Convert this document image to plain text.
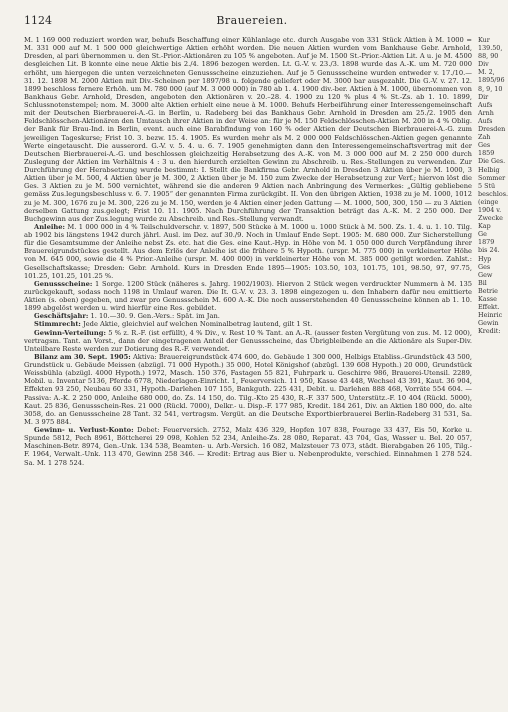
1124	Brauereien.

M. 1 169 000 reduziert worden war, behufs Beschaffung einer Kühlanlage etc. durch Ausgabe von 331 Stück Aktien à M. 1000 = M. 331 000 auf M. 1 500 000 gleichwertige Aktien erhöht worden. Die neuen Aktien wurden vom Bankhause Gebr. Arnhold, Dresden, al pari übernommen u. den St.-Prior.-Aktionären zu 105 % angeboten. Auf je M. 1500 St.-Prior.-Aktien Lit. A u. je M. 4500 desgleichen Lit. B konnte eine neue Aktie bis 2./4. 1896 bezogen werden. Lt. G.-V. v. 23./3. 1898 wurde das A.-K. um M. 720 000 erhöht, um hiergegen die unten verzeichneten Genussscheine einzuziehen. Auf je 5 Genussscheine wurden entweder v. 17./10.—31. 12. 1898 M. 2000 Aktien mit Div.-Scheinen per 1897/98 u. folgende geliefert oder M. 3000 bar ausgezahlt. Die G.-V. v. 27. 12. 1899 beschloss fernere Erhöh. um M. 780 000 (auf M. 3 000 000) in 780 ab 1. 4. 1900 div.-ber. Aktien à M. 1000, übernommen von Bankhaus Gebr. Arnhold, Dresden, angeboten den Aktionären v. 20.–28. 4. 1900 zu 120 % plus 4 % St.-Zs. ab 1. 10. 1899, Schlussnotenstempel; nom. M. 3000 alte Aktien erhielt eine neue à M. 1000. Behufs Herbeiführung einer Interessengemeinschaft mit der Deutschen Bierbrauerei-A.-G. in Berlin, u. Radeberg bei das Bankhaus Gebr. Arnhold in Dresden am 25./2. 1905 den Feldschlösschen-Aktionären den Umtausch ihrer Aktien in der Weise an: für je M. 150 Feldschlösschen-Aktien M. 200 in 4 % Oblig. der Bank für Brau-Ind. in Berlin, event. auch eine Barabfindung von 160 % oder Aktien der Deutschen Bierbrauerei-A.-G. zum jeweiligen Tageskurse; Frist 10. 3. bezw. 15. 4. 1905. Es wurden mehr als M. 2 000 000 Feldschlösschen-Aktien gegen genannte Werte eingetauscht. Die ausserord. G.-V. v. 5. 4. u. 6. 7. 1905 genehmigten dann den Interessengemeinschaftsvertrag mit der Deutschen Bierbrauerei-A.-G. und beschlossen gleichzeitig Herabsetzung des A.-K. von M. 3 000 000 auf M. 2 250 000 durch Zuslegung der Aktien im Verhältnis 4 : 3 u. den hierdurch erzielten Gewinn zu Abschreib. u. Res.-Stellungen zu verwenden. Zur Durchführung der Herabsetzung wurde bestimmt: I. Stellt die Bankfirma Gebr. Arnhold in Dresden 3 Aktien über je M. 1000, 3 Aktien über je M. 500, 4 Aktien über je M. 300, 2 Aktien über je M. 150 zum Zwecke der Herabsetzung zur Verf.; hiervon löst die Ges. 3 Aktien zu je M. 500 vernichtet, während sie die anderen 9 Aktien nach Anbringung des Vermerkes: „Gültig gebliebene gemäss Zus.legungsbeschluss v. 6. 7. 1905“ der genannten Firma zurückgibt. II. Von den übrigen Aktien, 1938 zu je M. 1000, 1012 zu je M. 300, 1676 zu je M. 300, 226 zu je M. 150, werden je 4 Aktien einer jeden Gattung — M. 1000, 500, 300, 150 — zu 3 Aktien derselben Gattung zus.gelegt; Frist 10. 11. 1905. Nach Durchführung der Transaktion beträgt das A.-K. M. 2 250 000. Der Buchgewinn aus der Zus.legung wurde zu Abschreib. und Res.-Stellung verwandt.

Anleihe: M. 1 000 000 in 4 % Teilschuldverschr. v. 1897, 500 Stücke à M. 1000 u. 1000 Stück à M. 500. Zs. 1. 4. u. 1. 10. Tilg. ab 1902 bis längstens 1942 durch jährl. Ausl. im Dez. auf 30./9. Noch in Umlauf Ende Sept. 1905: M. 680 000. Zur Sicherstellung für die Gesamtsumme der Anleihe nebst Zs. etc. hat die Ges. eine Kaut.-Hyp. in Höhe von M. 1 050 000 durch Verpfändung ihrer Brauereigrundstückes gestellt. Aus dem Erlös der Anleihe ist die frühere 5 % Hypoth. (urspr. M. 775 000) in verkleinerter Höhe von M. 645 000, sowie die 4 % Prior.-Anleihe (urspr. M. 400 000) in verkleinerter Höhe von M. 385 000 getilgt worden. Zahlst.: Gesellschaftskasse; Dresden: Gebr. Arnhold. Kurs in Dresden Ende 1895—1905: 103.50, 103, 101.75, 101, 98.50, 97, 97.75, 101.25, 101.25, 101.25 %.

Genussscheine: 1 Sorge. 1200 Stück (näheres s. Jahrg. 1902/1903). Hiervon 2 Stück wegen verdruckter Nummern à M. 135 zurückgekauft, sodass noch 1198 in Umlauf waren. Die It. G.-V. v. 23. 3. 1898 eingezogen u. den Inhabern dafür neu emittierte Aktien (s. oben) gegeben, und zwar pro Genussschein M. 600 A.-K. Die noch ausserstehenden 40 Genussscheine können ab 1. 10. 1899 abgelöst werden u. wird hierfür eine Res. gebildet.

Geschäftsjahr: 1. 10.—30. 9. Gen.-Vers.: Spät. im Jan.

Stimmrecht: Jede Aktie, gleichviel auf welchen Nominalbetrag lautend, gilt 1 St.

Gewinn-Verteilung: 5 % z. R.-F. (ist erfüllt), 4 % Div., v. Rest 10 % Tant. an A.-R. (ausser festen Vergütung von zus. M. 12 000), vertragsm. Tant. an Vorst., dann der eingetragenen Anteil der Genussscheine, das Übrigbleibende an die Aktionäre als Super-Div. Unteilbare Reste werden zur Dotierung des R.-F. verwendet.

Bilanz am 30. Sept. 1905: Aktiva: Brauereigrundstück 474 600, do. Gebäude 1 300 000, Helbigs Etabliss.-Grundstück 43 500, Grundstück u. Gebäude Meissen (abzügl. 71 000 Hypoth.) 35 000, Hotel Königshof (abzügl. 139 608 Hypoth.) 20 000, Grundstück Weissbühla (abzügl. 4000 Hypoth.) 1972, Masch. 150 376, Fastagen 55 821, Fuhrpark u. Geschirre 986, Brauerei-Utensil. 2289, Mobil. u. Inventar 5136, Pferde 6778, Niederlagen-Einricht. 1, Feuerversich. 11 950, Kasse 43 448, Wechsel 43 391, Kaut. 36 904, Effekten 93 250, Neubau 60 331, Hypoth.-Darlehen 107 155, Bankguth. 225 431, Debit. u. Darlehen 888 468, Vorräte 554 604. — Passiva: A.-K. 2 250 000, Anleihe 680 000, do. Zs. 14 150, do. Tilg.-Kto 25 430, R.-F. 337 500, Unterstütz.-F. 10 404 (Rückl. 5000), Kaut. 25 836, Genussschein-Res. 21 000 (Rückl. 7000), Delkr.- u. Disp.-F. 177 985, Kredit. 184 261, Div. an Aktien 180 000, do. alte 3058, do. an Genussscheine 28 Tant. 32 541, vertragsm. Vergüt. an die Deutsche Exportbierbrauerei Berlin-Radeberg 31 531, Sa. M. 3 975 884.

Gewinn- u. Verlust-Konto: Debet: Feuerversich. 2752, Malz 436 329, Hopfen 107 838, Fourage 33 437, Eis 50, Korke u. Spunde 5812, Pech 8961, Böttcherei 29 098, Kohlen 52 234, Anleihe-Zs. 28 080, Reparat. 43 704, Gas, Wasser u. Bel. 20 057, Maschinen-Betr. 8974, Gen.-Unk. 134 538, Beamten- u. Arb.-Versich. 16 082, Malzsteuer 73 073, städt. Bierabgaben 26 105, Tilg.-F. 1964, Verwalt.-Unk. 113 470, Gewinn 258 346. — Kredit: Ertrag aus Bier u. Nebenprodukte, verschied. Einnahmen 1 278 524. Sa. M. 1 278 524.

Kur
139.50,
88, 90
Div
M. 2,
1895/96
8, 9, 10
Dir
Aufs
Arnh
Aufs
Dresden
Zah
Ges
1859
Die Ges.
Helbig
Sommer
5 Stü
beschlos.
(einge
1904 v.
Zwecke
Kap
Ge
1879
bis 24.
Hyp
Ges
Gew
Bil
Betrie
Kasse
Effekt.
Heinric
Gewin
Kredit:
